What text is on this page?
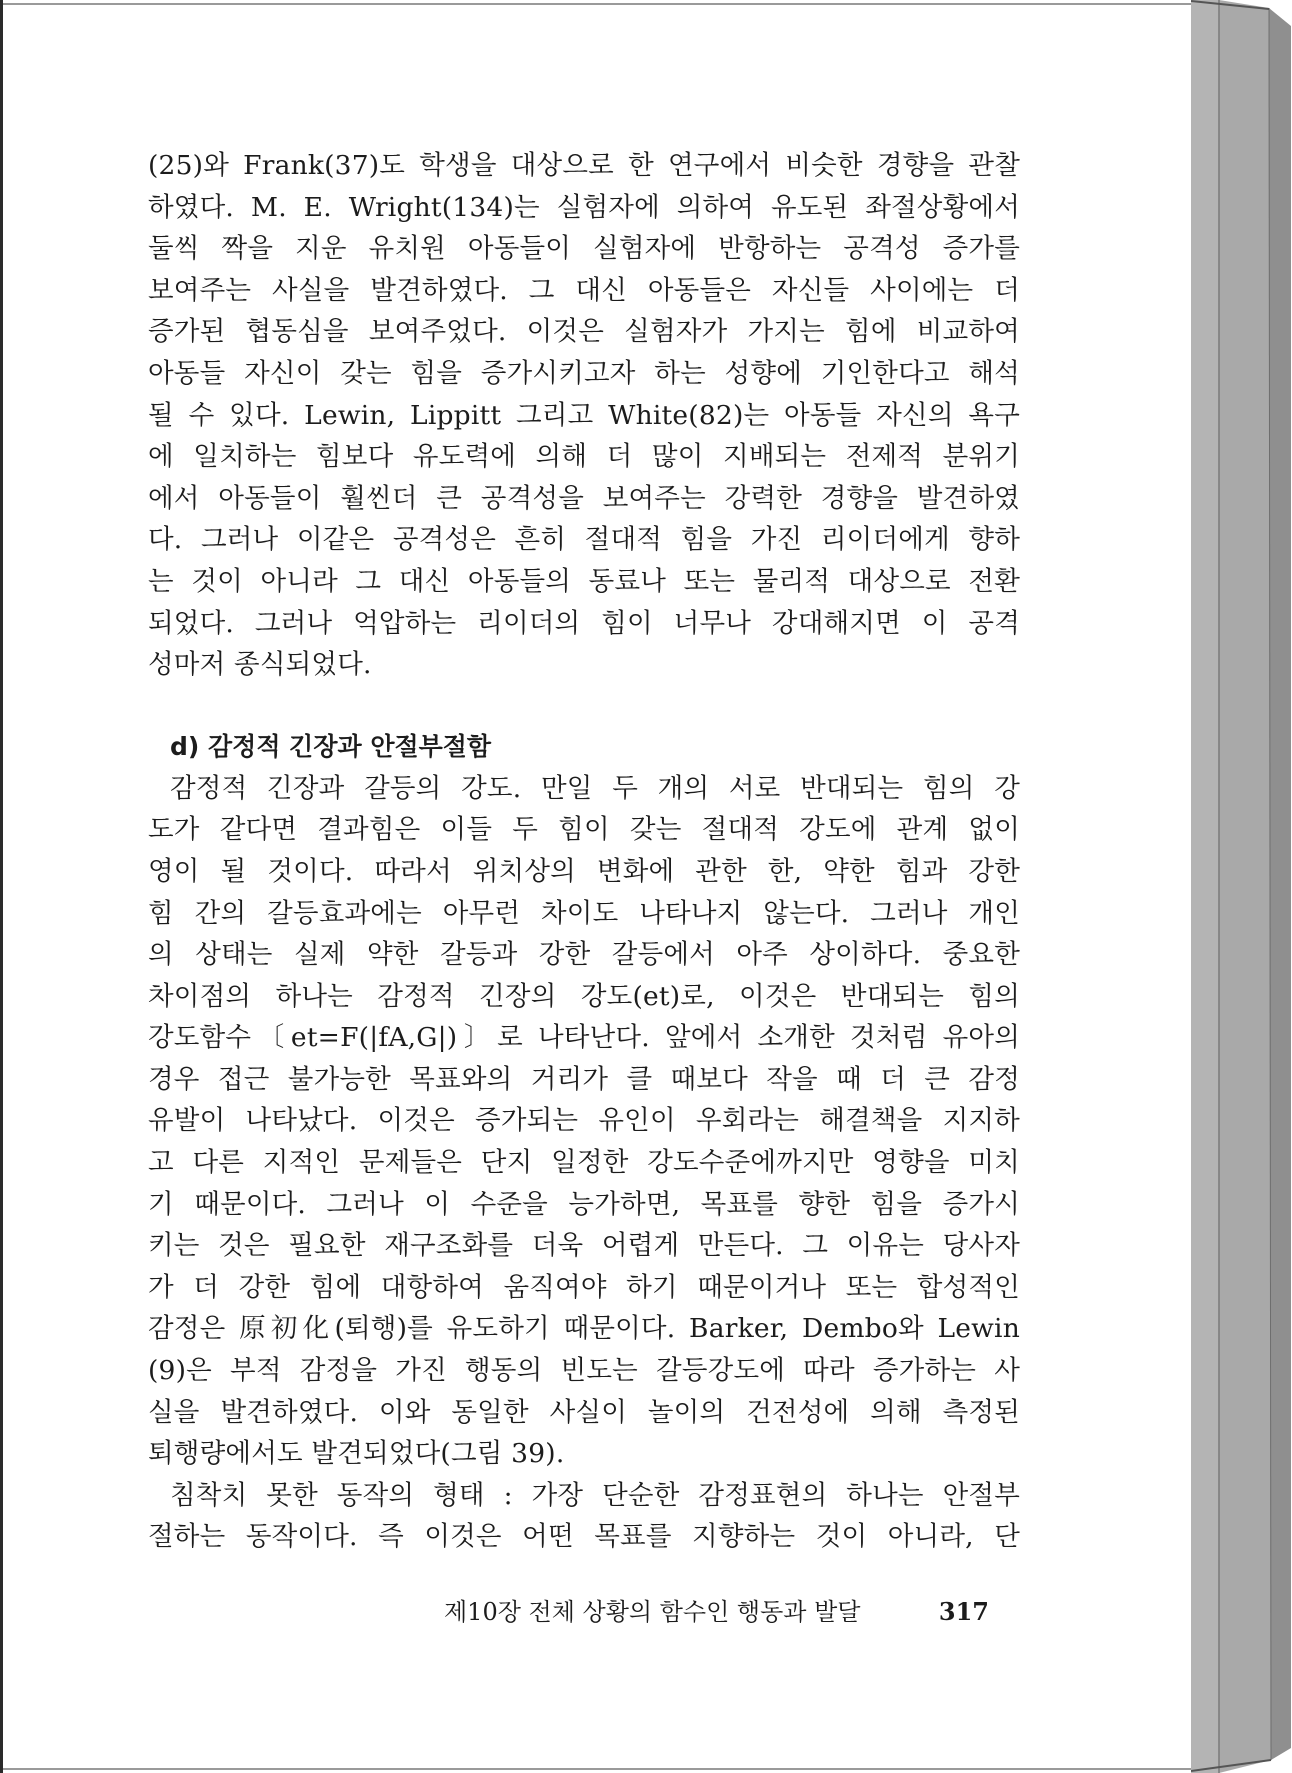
(25)와 Frank(37)도 학생을 대상으로 한 연구에서 비슷한 경향을 관찰
하였다. M. E. Wright(134)는 실험자에 의하여 유도된 좌절상황에서
둘씩 짝을 지운 유치원 아동들이 실험자에 반항하는 공격성 증가를
보여주는 사실을 발견하였다. 그 대신 아동들은 자신들 사이에는 더
증가된 협동심을 보여주었다. 이것은 실험자가 가지는 힘에 비교하여
아동들 자신이 갖는 힘을 증가시키고자 하는 성향에 기인한다고 해석
될 수 있다. Lewin, Lippitt 그리고 White(82)는 아동들 자신의 욕구
에 일치하는 힘보다 유도력에 의해 더 많이 지배되는 전제적 분위기
에서 아동들이 훨씬더 큰 공격성을 보여주는 강력한 경향을 발견하였
다. 그러나 이같은 공격성은 흔히 절대적 힘을 가진 리이더에게 향하
는 것이 아니라 그 대신 아동들의 동료나 또는 물리적 대상으로 전환
되었다. 그러나 억압하는 리이더의 힘이 너무나 강대해지면 이 공격
성마저 종식되었다.
d) 감정적 긴장과 안절부절함
감정적 긴장과 갈등의 강도. 만일 두 개의 서로 반대되는 힘의 강
도가 같다면 결과힘은 이들 두 힘이 갖는 절대적 강도에 관계 없이
영이 될 것이다. 따라서 위치상의 변화에 관한 한, 약한 힘과 강한
힘 간의 갈등효과에는 아무런 차이도 나타나지 않는다. 그러나 개인
의 상태는 실제 약한 갈등과 강한 갈등에서 아주 상이하다. 중요한
차이점의 하나는 감정적 긴장의 강도(et)로, 이것은 반대되는 힘의
강도함수〔et=F(|fA,G|)〕로 나타난다. 앞에서 소개한 것처럼 유아의
경우 접근 불가능한 목표와의 거리가 클 때보다 작을 때 더 큰 감정
유발이 나타났다. 이것은 증가되는 유인이 우회라는 해결책을 지지하
고 다른 지적인 문제들은 단지 일정한 강도수준에까지만 영향을 미치
기 때문이다. 그러나 이 수준을 능가하면, 목표를 향한 힘을 증가시
키는 것은 필요한 재구조화를 더욱 어렵게 만든다. 그 이유는 당사자
가 더 강한 힘에 대항하여 움직여야 하기 때문이거나 또는 합성적인
감정은 原初化(퇴행)를 유도하기 때문이다. Barker, Dembo와 Lewin
(9)은 부적 감정을 가진 행동의 빈도는 갈등강도에 따라 증가하는 사
실을 발견하였다. 이와 동일한 사실이 놀이의 건전성에 의해 측정된
퇴행량에서도 발견되었다(그림 39).
침착치 못한 동작의 형태 : 가장 단순한 감정표현의 하나는 안절부
절하는 동작이다. 즉 이것은 어떤 목표를 지향하는 것이 아니라, 단
제10장 전체 상황의 함수인 행동과 발달	317
